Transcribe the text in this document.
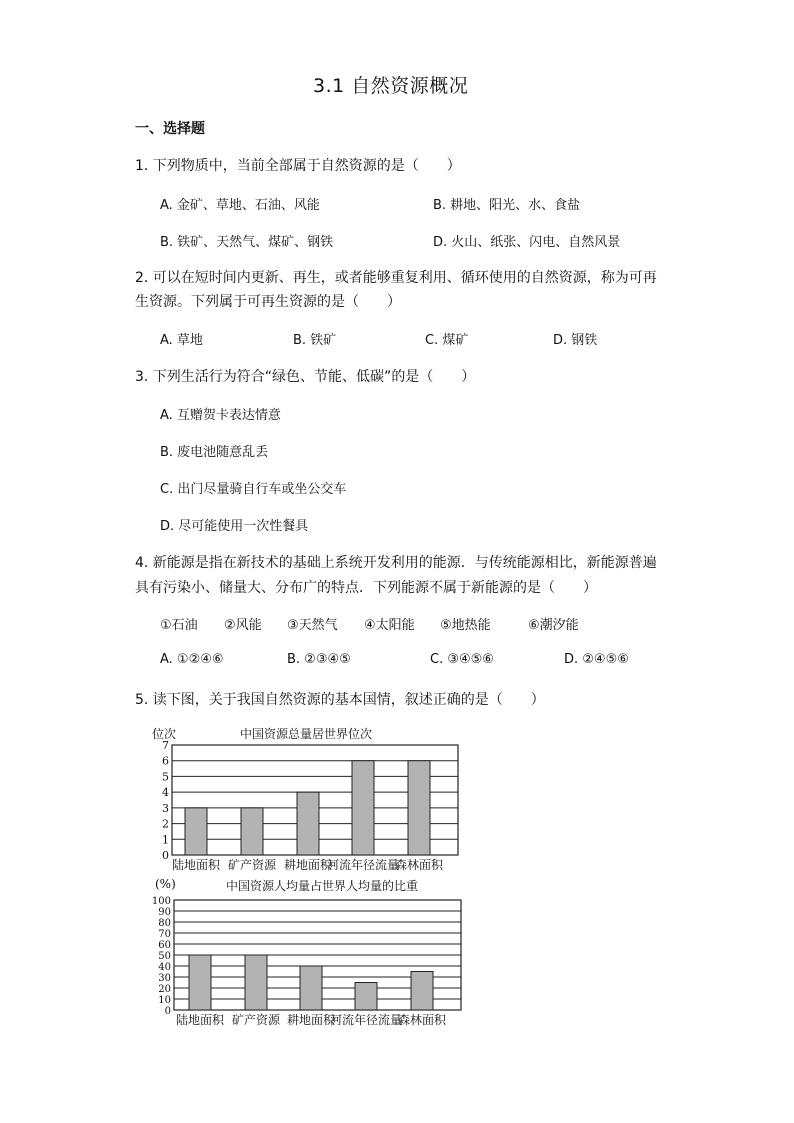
3.1 自然资源概况
一、选择题
1. 下列物质中，当前全部属于自然资源的是（　　）
A. 金矿、草地、石油、风能	B. 耕地、阳光、水、食盐
B. 铁矿、天然气、煤矿、钢铁	D. 火山、纸张、闪电、自然风景
2. 可以在短时间内更新、再生，或者能够重复利用、循环使用的自然资源，称为可再
生资源。下列属于可再生资源的是（　　）
A. 草地	B. 铁矿	C. 煤矿	D. 钢铁
3. 下列生活行为符合“绿色、节能、低碳”的是（　　）
A. 互赠贺卡表达情意
B. 废电池随意乱丢
C. 出门尽量骑自行车或坐公交车
D. 尽可能使用一次性餐具
4. 新能源是指在新技术的基础上系统开发利用的能源．与传统能源相比，新能源普遍
具有污染小、储量大、分布广的特点．下列能源不属于新能源的是（　　）
①石油 ②风能 ③天然气 ④太阳能 ⑤地热能	⑥潮汐能
A. ①②④⑥	B. ②③④⑤	C. ③④⑤⑥	D. ②④⑤⑥
5. 读下图，关于我国自然资源的基本国情，叙述正确的是（　　）
中国资源总量居世界位次
位次
0
1
2
3
4
5
6
7
陆地面积 矿产资源 耕地面积
河流年径流量
森林面积
中国资源人均量占世界人均量的比重
(%)
0
10
20
30
40
50
60
70
80
90
100
陆地面积 矿产资源 耕地面积
河流年径流量
森林面积
